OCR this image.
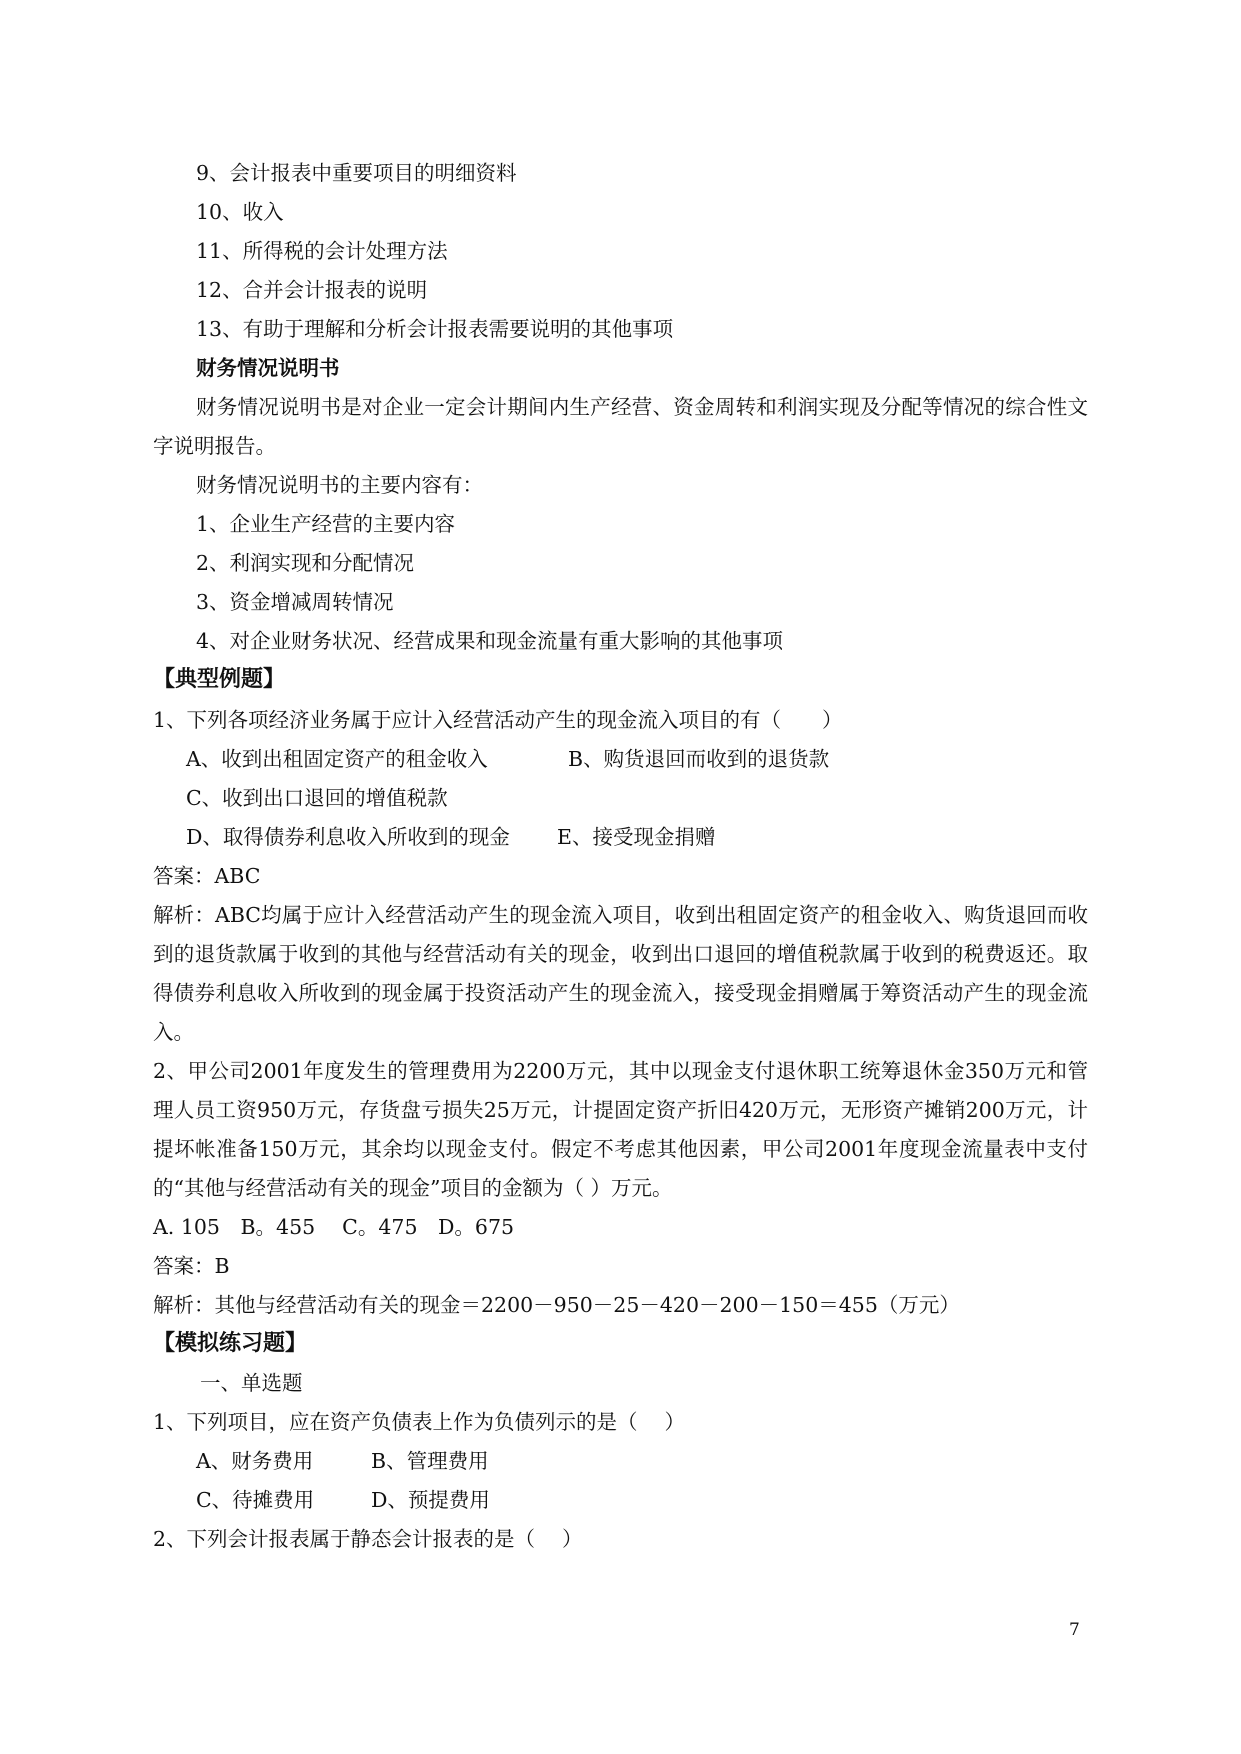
9、会计报表中重要项目的明细资料
10、收入
11、所得税的会计处理方法
12、合并会计报表的说明
13、有助于理解和分析会计报表需要说明的其他事项
财务情况说明书
财务情况说明书是对企业一定会计期间内生产经营、资金周转和利润实现及分配等情况的综合性文字说明报告。
财务情况说明书的主要内容有：
1、企业生产经营的主要内容
2、利润实现和分配情况
3、资金增减周转情况
4、对企业财务状况、经营成果和现金流量有重大影响的其他事项
【典型例题】
1、下列各项经济业务属于应计入经营活动产生的现金流入项目的有（　　）
A、收到出租固定资产的租金收入	B、购货退回而收到的退货款
C、收到出口退回的增值税款
D、取得债券利息收入所收到的现金 E、接受现金捐赠
答案：ABC
解析：ABC均属于应计入经营活动产生的现金流入项目，收到出租固定资产的租金收入、购货退回而收到的退货款属于收到的其他与经营活动有关的现金，收到出口退回的增值税款属于收到的税费返还。取得债券利息收入所收到的现金属于投资活动产生的现金流入，接受现金捐赠属于筹资活动产生的现金流入。
2、甲公司2001年度发生的管理费用为2200万元，其中以现金支付退休职工统筹退休金350万元和管理人员工资950万元，存货盘亏损失25万元，计提固定资产折旧420万元，无形资产摊销200万元，计提坏帐准备150万元，其余均以现金支付。假定不考虑其他因素，甲公司2001年度现金流量表中支付的“其他与经营活动有关的现金”项目的金额为（ ）万元。
A. 105　B。455　 C。475　D。675
答案：B
解析：其他与经营活动有关的现金＝2200－950－25－420－200－150＝455（万元）
【模拟练习题】
一、单选题
1、下列项目，应在资产负债表上作为负债列示的是（　 ）
A、财务费用	B、管理费用
C、待摊费用	D、预提费用
2、下列会计报表属于静态会计报表的是（　 ）
7
